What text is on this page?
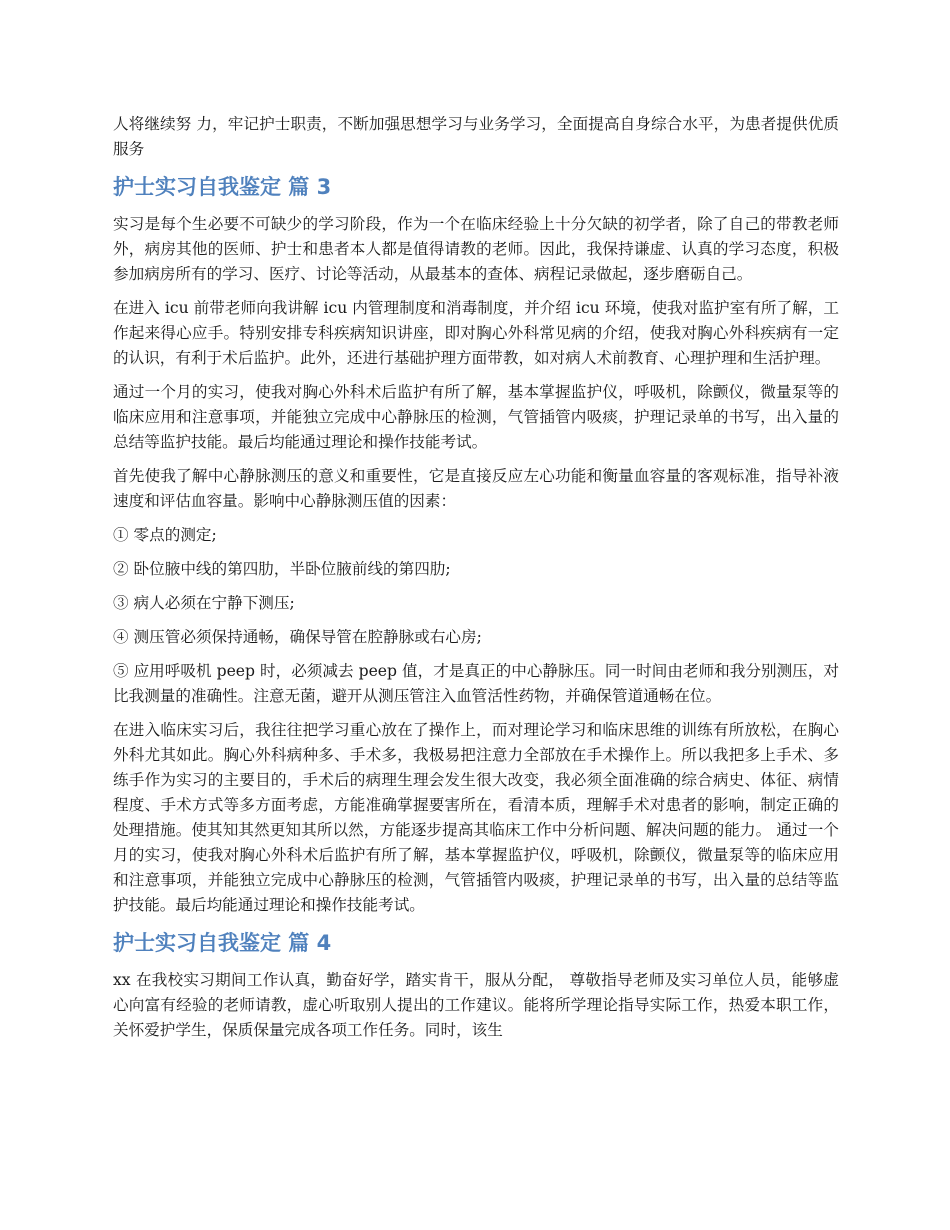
人将继续努 力，牢记护士职责，不断加强思想学习与业务学习，全面提高自身综合水平，为患者提供优质服务

护士实习自我鉴定 篇 3

实习是每个生必要不可缺少的学习阶段，作为一个在临床经验上十分欠缺的初学者，除了自己的带教老师外，病房其他的医师、护士和患者本人都是值得请教的老师。因此，我保持谦虚、认真的学习态度，积极参加病房所有的学习、医疗、讨论等活动，从最基本的查体、病程记录做起，逐步磨砺自己。

在进入 icu 前带老师向我讲解 icu 内管理制度和消毒制度，并介绍 icu 环境，使我对监护室有所了解，工作起来得心应手。特别安排专科疾病知识讲座，即对胸心外科常见病的介绍，使我对胸心外科疾病有一定的认识，有利于术后监护。此外，还进行基础护理方面带教，如对病人术前教育、心理护理和生活护理。

通过一个月的实习，使我对胸心外科术后监护有所了解，基本掌握监护仪，呼吸机，除颤仪，微量泵等的临床应用和注意事项，并能独立完成中心静脉压的检测，气管插管内吸痰，护理记录单的书写，出入量的总结等监护技能。最后均能通过理论和操作技能考试。

首先使我了解中心静脉测压的意义和重要性，它是直接反应左心功能和衡量血容量的客观标准，指导补液速度和评估血容量。影响中心静脉测压值的因素：

① 零点的测定;

② 卧位腋中线的第四肋，半卧位腋前线的第四肋;

③ 病人必须在宁静下测压;

④ 测压管必须保持通畅，确保导管在腔静脉或右心房;

⑤ 应用呼吸机 peep 时，必须减去 peep 值，才是真正的中心静脉压。同一时间由老师和我分别测压，对比我测量的准确性。注意无菌，避开从测压管注入血管活性药物，并确保管道通畅在位。

在进入临床实习后，我往往把学习重心放在了操作上，而对理论学习和临床思维的训练有所放松，在胸心外科尤其如此。胸心外科病种多、手术多，我极易把注意力全部放在手术操作上。所以我把多上手术、多练手作为实习的主要目的，手术后的病理生理会发生很大改变，我必须全面准确的综合病史、体征、病情程度、手术方式等多方面考虑，方能准确掌握要害所在，看清本质，理解手术对患者的影响，制定正确的处理措施。使其知其然更知其所以然，方能逐步提高其临床工作中分析问题、解决问题的能力。 通过一个月的实习，使我对胸心外科术后监护有所了解，基本掌握监护仪，呼吸机，除颤仪，微量泵等的临床应用和注意事项，并能独立完成中心静脉压的检测，气管插管内吸痰，护理记录单的书写，出入量的总结等监护技能。最后均能通过理论和操作技能考试。

护士实习自我鉴定 篇 4

xx 在我校实习期间工作认真，勤奋好学，踏实肯干，服从分配， 尊敬指导老师及实习单位人员，能够虚心向富有经验的老师请教，虚心听取别人提出的工作建议。能将所学理论指导实际工作，热爱本职工作，关怀爱护学生，保质保量完成各项工作任务。同时，该生
